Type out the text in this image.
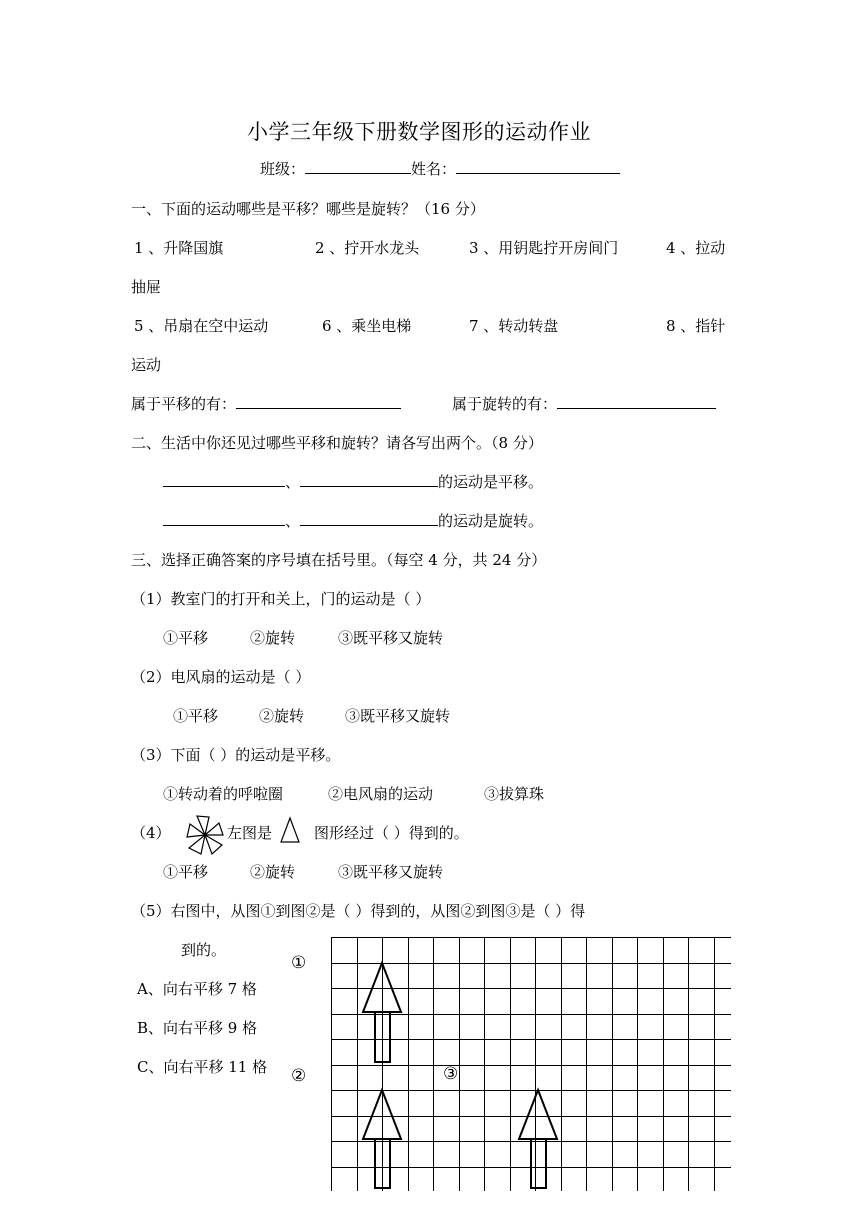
小学三年级下册数学图形的运动作业
班级：	姓名：
一、下面的运动哪些是平移？哪些是旋转？（16 分）
1 、升降国旗	2 、拧开水龙头	3 、用钥匙拧开房间门	4 、拉动
抽屉
5 、吊扇在空中运动	6 、乘坐电梯	7 、转动转盘	8 、指针
运动
属于平移的有：	属于旋转的有：
二、生活中你还见过哪些平移和旋转？请各写出两个。（8 分）
、	的运动是平移。
、	的运动是旋转。
三、选择正确答案的序号填在括号里。（每空 4 分，共 24 分）
（1）教室门的打开和关上，门的运动是（ ）
①平移	②旋转	③既平移又旋转
（2）电风扇的运动是（ ）
①平移	②旋转	③既平移又旋转
（3）下面（ ）的运动是平移。
①转动着的呼啦圈	②电风扇的运动	③拔算珠
（4）	左图是	图形经过（ ）得到的。
①平移	②旋转	③既平移又旋转
（5）右图中，从图①到图②是（ ）得到的，从图②到图③是（ ）得
到的。
A、向右平移 7 格
B、向右平移 9 格
C、向右平移 11 格
①
②	③
